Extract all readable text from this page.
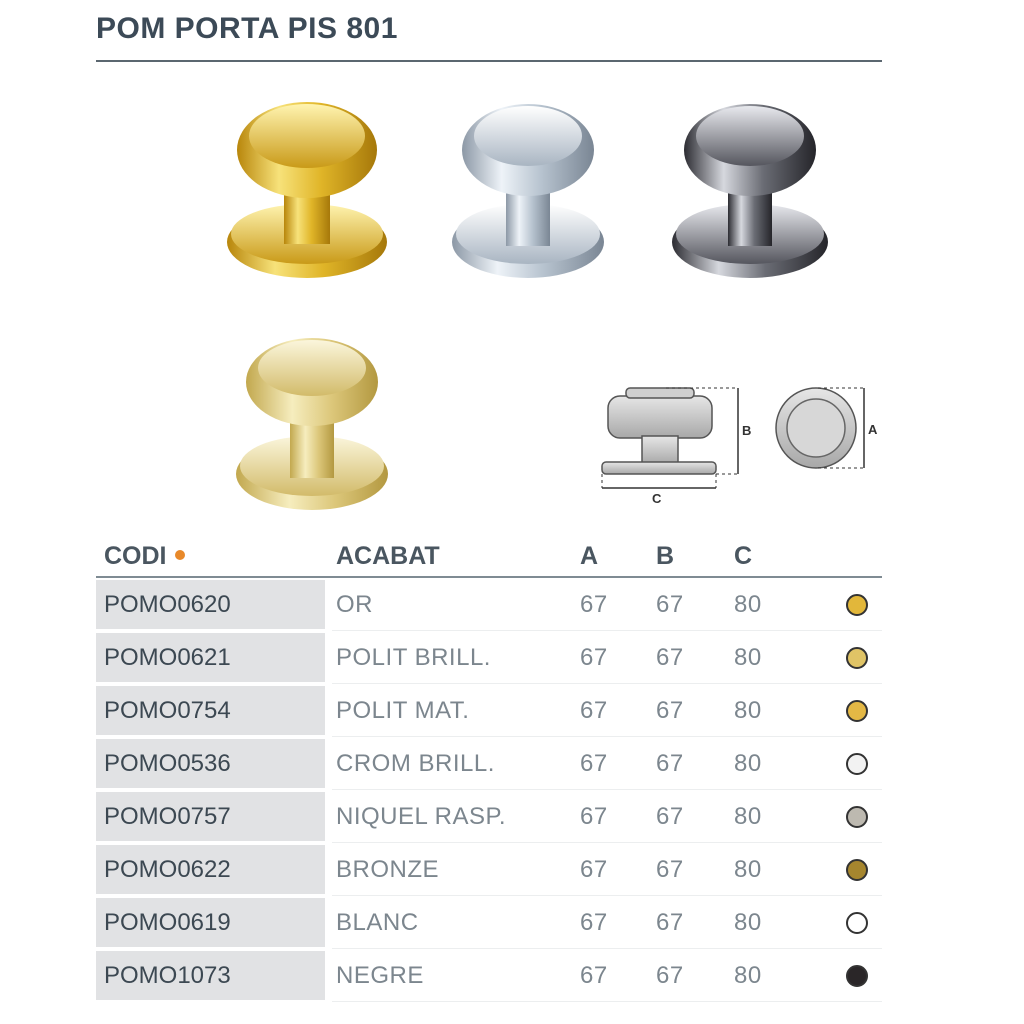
POM PORTA PIS 801
B
C
A
CODI	ACABAT	A B C
POMO0620	OR	67 67 80
POMO0621	POLIT BRILL.	67 67 80
POMO0754	POLIT MAT.	67 67 80
POMO0536	CROM BRILL.	67 67 80
POMO0757	NIQUEL RASP.	67 67 80
POMO0622	BRONZE	67 67 80
POMO0619	BLANC	67 67 80
POMO1073	NEGRE	67 67 80
